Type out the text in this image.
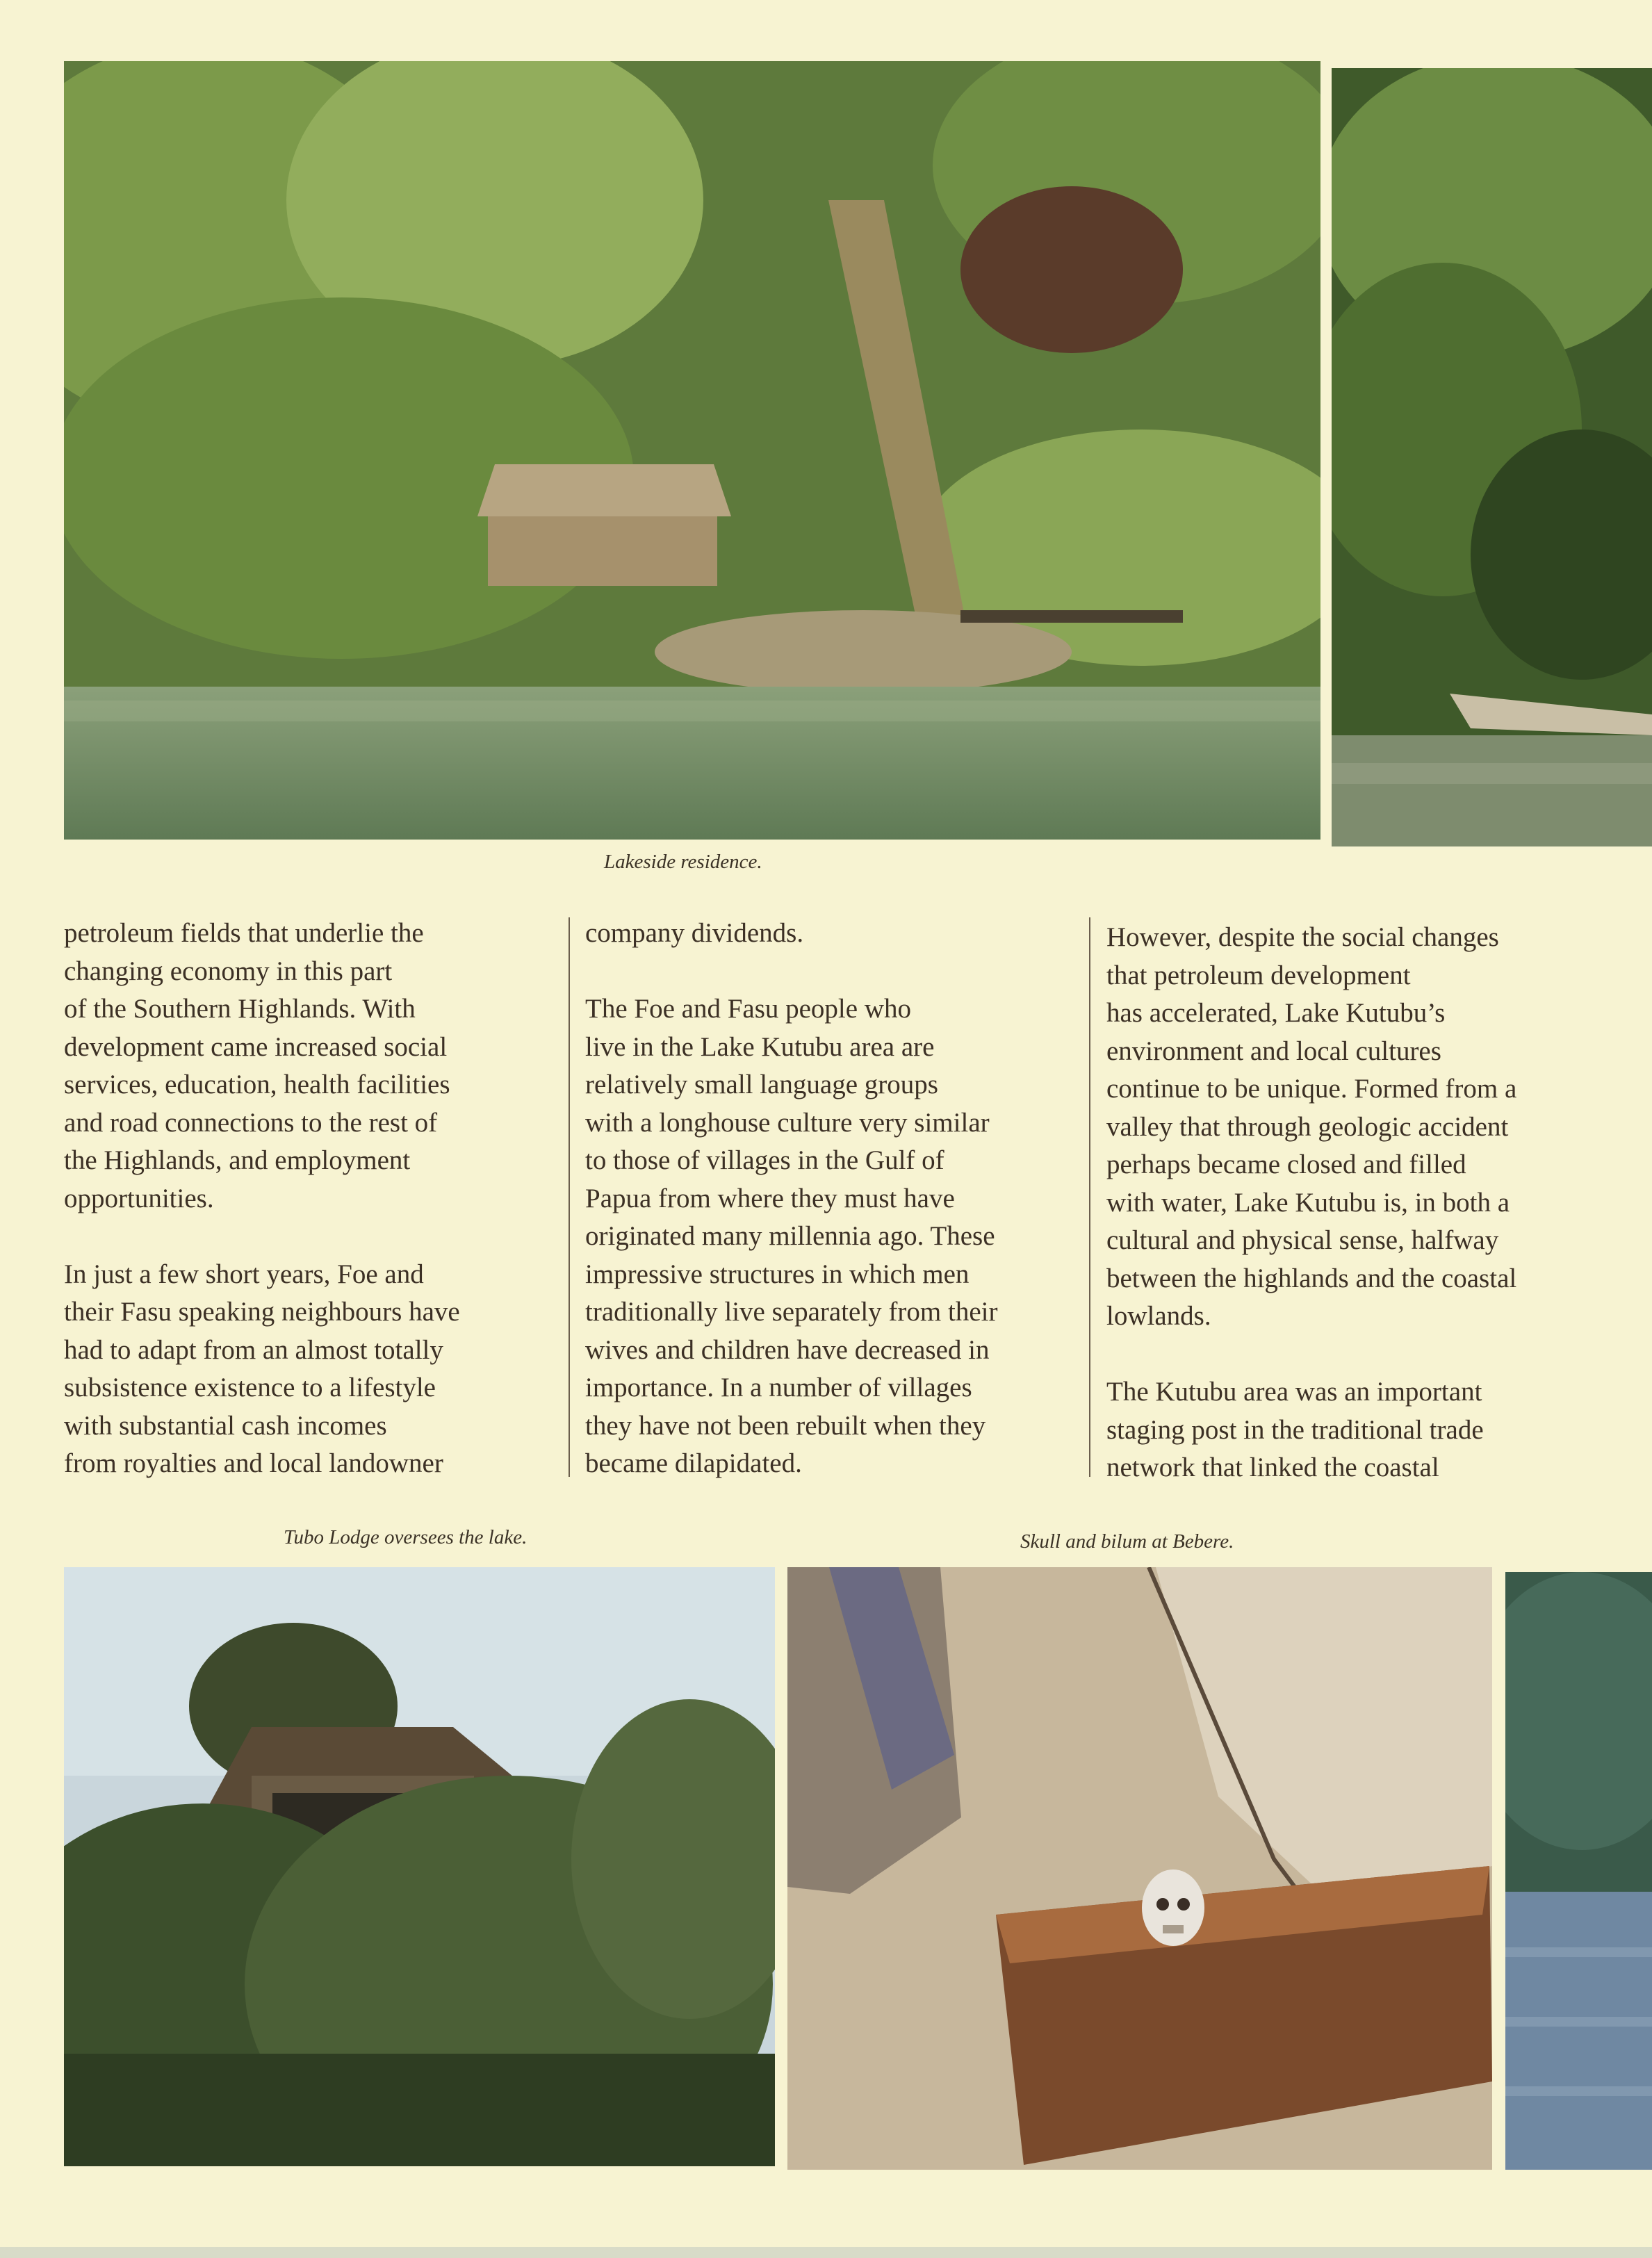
Lakeside residence.

petroleum fields that underlie the

changing economy in this part

of the Southern Highlands. With

development came increased social

services, education, health facilities

and road connections to the rest of

the Highlands, and employment

opportunities.

In just a few short years, Foe and

their Fasu speaking neighbours have

had to adapt from an almost totally

subsistence existence to a lifestyle

with substantial cash incomes

from royalties and local landowner

company dividends.

The Foe and Fasu people who

live in the Lake Kutubu area are

relatively small language groups

with a longhouse culture very similar

to those of villages in the Gulf of

Papua from where they must have

originated many millennia ago. These

impressive structures in which men

traditionally live separately from their

wives and children have decreased in

importance. In a number of villages

they have not been rebuilt when they

became dilapidated.

However, despite the social changes

that petroleum development

has accelerated, Lake Kutubu’s

environment and local cultures

continue to be unique. Formed from a

valley that through geologic accident

perhaps became closed and filled

with water, Lake Kutubu is, in both a

cultural and physical sense, halfway

between the highlands and the coastal

lowlands.

The Kutubu area was an important

staging post in the traditional trade

network that linked the coastal

Tubo Lodge oversees the lake.	Skull and bilum at Bebere.
